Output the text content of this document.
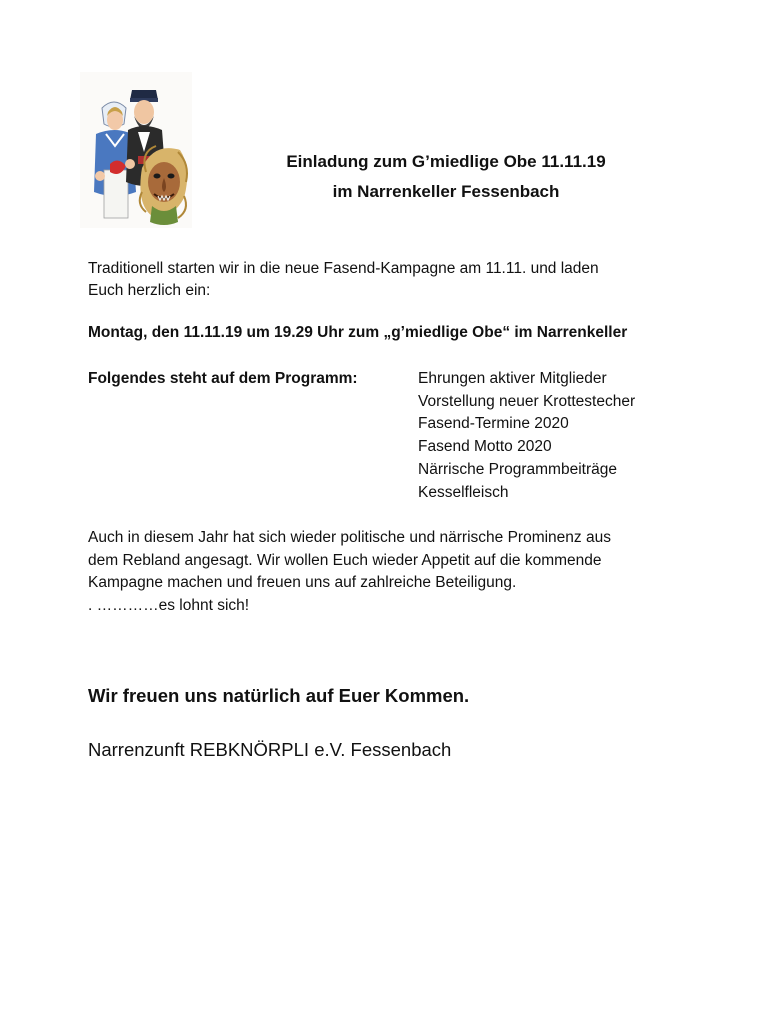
Einladung zum G’miedlige Obe 11.11.19
im Narrenkeller Fessenbach
Traditionell starten wir in die neue Fasend-Kampagne am 11.11. und laden
Euch herzlich ein:
Montag, den 11.11.19 um 19.29 Uhr zum „g’miedlige Obe“ im Narrenkeller
Folgendes steht auf dem Programm:	Ehrungen aktiver Mitglieder
Vorstellung neuer Krottestecher
Fasend-Termine 2020
Fasend Motto 2020
Närrische Programmbeiträge
Kesselfleisch
Auch in diesem Jahr hat sich wieder politische und närrische Prominenz aus
dem Rebland angesagt. Wir wollen Euch wieder Appetit auf die kommende
Kampagne machen und freuen uns auf zahlreiche Beteiligung.
. …………es lohnt sich!
Wir freuen uns natürlich auf Euer Kommen.
Narrenzunft REBKNÖRPLI e.V. Fessenbach
